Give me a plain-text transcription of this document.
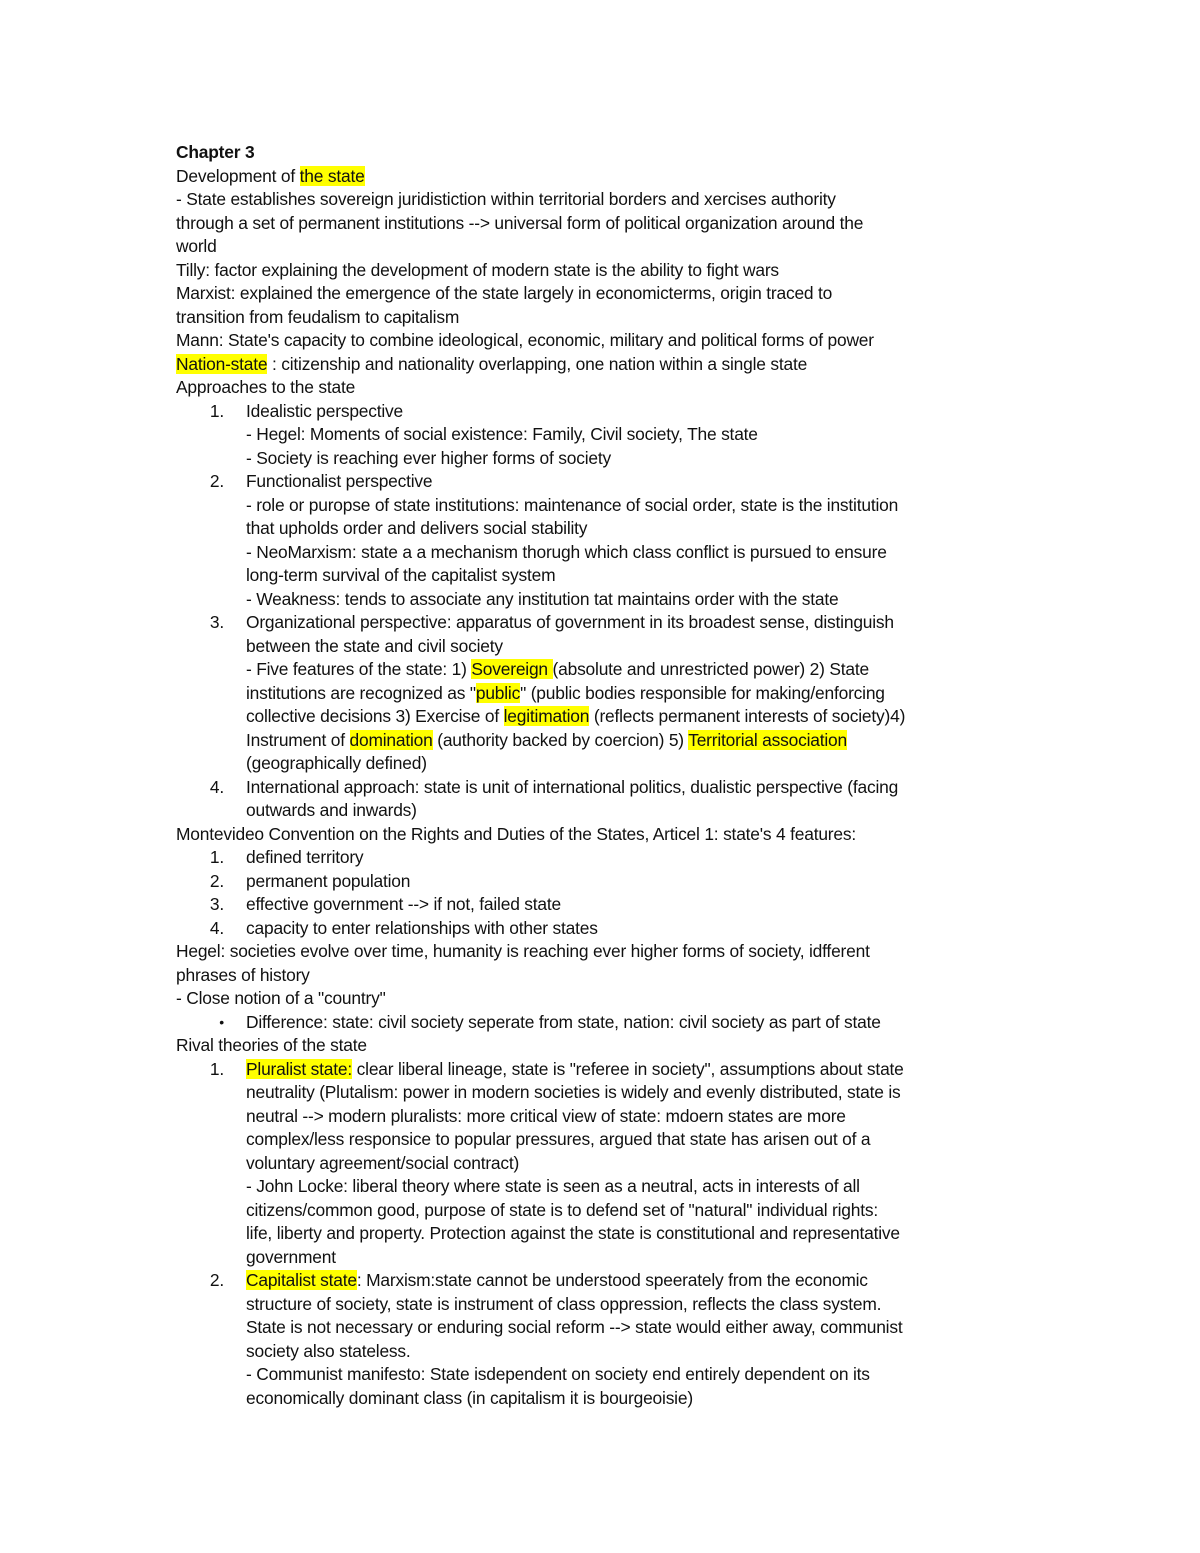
Chapter 3
Development of the state
- State establishes sovereign juridistiction within territorial borders and xercises authority
through a set of permanent institutions --> universal form of political organization around the
world
Tilly: factor explaining the development of modern state is the ability to fight wars
Marxist: explained the emergence of the state largely in economicterms, origin traced to
transition from feudalism to capitalism
Mann: State's capacity to combine ideological, economic, military and political forms of power
Nation-state : citizenship and nationality overlapping, one nation within a single state
Approaches to the state
1.	Idealistic perspective
- Hegel: Moments of social existence: Family, Civil society, The state
- Society is reaching ever higher forms of society
2.	Functionalist perspective
- role or puropse of state institutions: maintenance of social order, state is the institution
that upholds order and delivers social stability
- NeoMarxism: state a a mechanism thorugh which class conflict is pursued to ensure
long-term survival of the capitalist system
- Weakness: tends to associate any institution tat maintains order with the state
3.	Organizational perspective: apparatus of government in its broadest sense, distinguish
between the state and civil society
- Five features of the state: 1) Sovereign (absolute and unrestricted power) 2) State
institutions are recognized as "public" (public bodies responsible for making/enforcing
collective decisions 3) Exercise of legitimation (reflects permanent interests of society)4)
Instrument of domination (authority backed by coercion) 5) Territorial association
(geographically defined)
4.	International approach: state is unit of international politics, dualistic perspective (facing
outwards and inwards)
Montevideo Convention on the Rights and Duties of the States, Articel 1: state's 4 features:
1.	defined territory
2.	permanent population
3.	effective government --> if not, failed state
4.	capacity to enter relationships with other states
Hegel: societies evolve over time, humanity is reaching ever higher forms of society, idfferent
phrases of history
- Close notion of a "country"
•	Difference: state: civil society seperate from state, nation: civil society as part of state
Rival theories of the state
1.	Pluralist state: clear liberal lineage, state is "referee in society", assumptions about state
neutrality (Plutalism: power in modern societies is widely and evenly distributed, state is
neutral --> modern pluralists: more critical view of state: mdoern states are more
complex/less responsice to popular pressures, argued that state has arisen out of a
voluntary agreement/social contract)
- John Locke: liberal theory where state is seen as a neutral, acts in interests of all
citizens/common good, purpose of state is to defend set of "natural" individual rights:
life, liberty and property. Protection against the state is constitutional and representative
government
2.	Capitalist state: Marxism:state cannot be understood speerately from the economic
structure of society, state is instrument of class oppression, reflects the class system.
State is not necessary or enduring social reform --> state would either away, communist
society also stateless.
- Communist manifesto: State isdependent on society end entirely dependent on its
economically dominant class (in capitalism it is bourgeoisie)
